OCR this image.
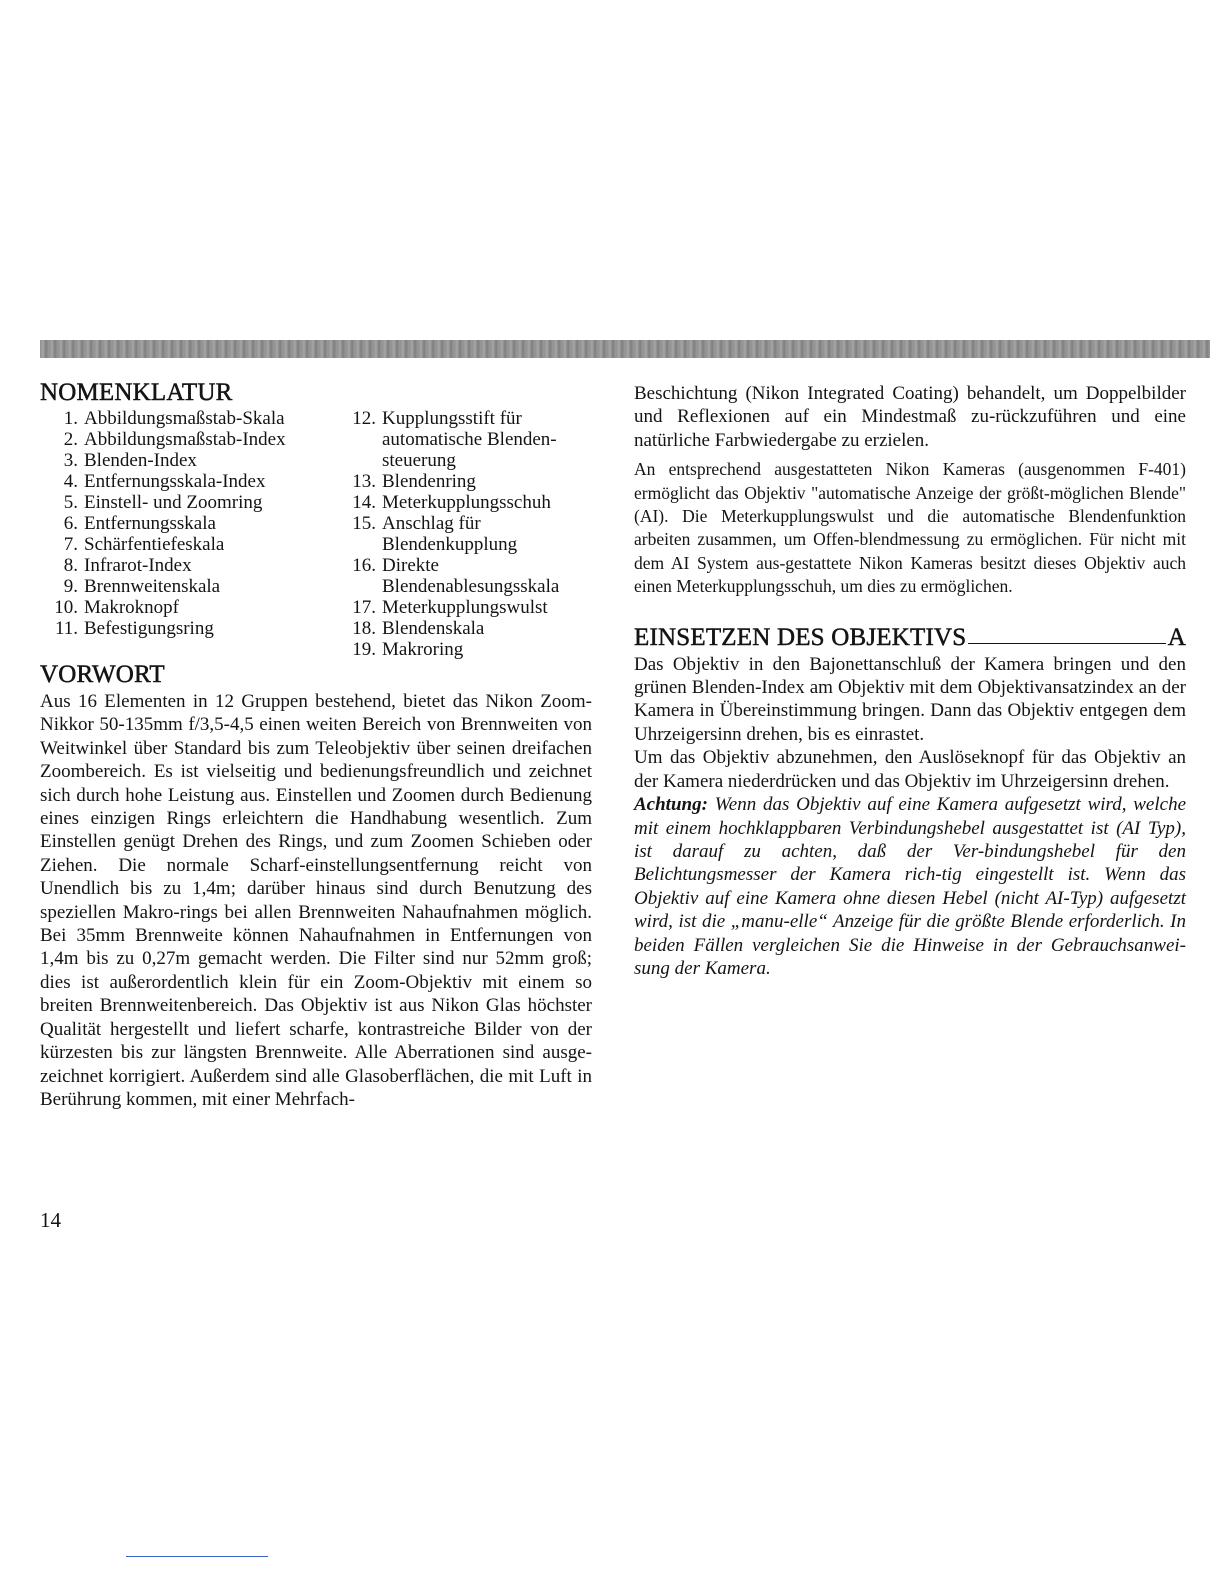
NOMENKLATUR
1. Abbildungsmaßstab-Skala
2. Abbildungsmaßstab-Index
3. Blenden-Index
4. Entfernungsskala-Index
5. Einstell- und Zoomring
6. Entfernungsskala
7. Schärfentiefeskala
8. Infrarot-Index
9. Brennweitenskala
10. Makroknopf
11. Befestigungsring
12. Kupplungsstift für automatische Blenden-steuerung
13. Blendenring
14. Meterkupplungsschuh
15. Anschlag für Blendenkupplung
16. Direkte Blendenablesungsskala
17. Meterkupplungswulst
18. Blendenskala
19. Makroring
VORWORT

Aus 16 Elementen in 12 Gruppen bestehend, bietet das Nikon Zoom-Nikkor 50-135mm f/3,5-4,5 einen weiten Bereich von Brennweiten von Weitwinkel über Standard bis zum Teleobjektiv über seinen dreifachen Zoombereich. Es ist vielseitig und bedienungsfreundlich und zeichnet sich durch hohe Leistung aus. Einstellen und Zoomen durch Bedienung eines einzigen Rings erleichtern die Handhabung wesentlich. Zum Einstellen genügt Drehen des Rings, und zum Zoomen Schieben oder Ziehen. Die normale Scharf-einstellungsentfernung reicht von Unendlich bis zu 1,4m; darüber hinaus sind durch Benutzung des speziellen Makro-rings bei allen Brennweiten Nahaufnahmen möglich. Bei 35mm Brennweite können Nahaufnahmen in Entfernungen von 1,4m bis zu 0,27m gemacht werden. Die Filter sind nur 52mm groß; dies ist außerordentlich klein für ein Zoom-Objektiv mit einem so breiten Brennweitenbereich. Das Objektiv ist aus Nikon Glas höchster Qualität hergestellt und liefert scharfe, kontrastreiche Bilder von der kürzesten bis zur längsten Brennweite. Alle Aberrationen sind ausge-zeichnet korrigiert. Außerdem sind alle Glasoberflächen, die mit Luft in Berührung kommen, mit einer Mehrfach-

Beschichtung (Nikon Integrated Coating) behandelt, um Doppelbilder und Reflexionen auf ein Mindestmaß zu-rückzuführen und eine natürliche Farbwiedergabe zu erzielen.

An entsprechend ausgestatteten Nikon Kameras (ausgenommen F-401) ermöglicht das Objektiv "automatische Anzeige der größt-möglichen Blende" (AI). Die Meterkupplungswulst und die automatische Blendenfunktion arbeiten zusammen, um Offen-blendmessung zu ermöglichen. Für nicht mit dem AI System aus-gestattete Nikon Kameras besitzt dieses Objektiv auch einen Meterkupplungsschuh, um dies zu ermöglichen.

EINSETZEN DES OBJEKTIVS	A

Das Objektiv in den Bajonettanschluß der Kamera bringen und den grünen Blenden-Index am Objektiv mit dem Objektivansatzindex an der Kamera in Übereinstimmung bringen. Dann das Objektiv entgegen dem Uhrzeigersinn drehen, bis es einrastet.

Um das Objektiv abzunehmen, den Auslöseknopf für das Objektiv an der Kamera niederdrücken und das Objektiv im Uhrzeigersinn drehen.

Achtung: Wenn das Objektiv auf eine Kamera aufgesetzt wird, welche mit einem hochklappbaren Verbindungshebel ausgestattet ist (AI Typ), ist darauf zu achten, daß der Ver-bindungshebel für den Belichtungsmesser der Kamera rich-tig eingestellt ist. Wenn das Objektiv auf eine Kamera ohne diesen Hebel (nicht AI-Typ) aufgesetzt wird, ist die „manu-elle“ Anzeige für die größte Blende erforderlich. In beiden Fällen vergleichen Sie die Hinweise in der Gebrauchsanwei-sung der Kamera.

14
